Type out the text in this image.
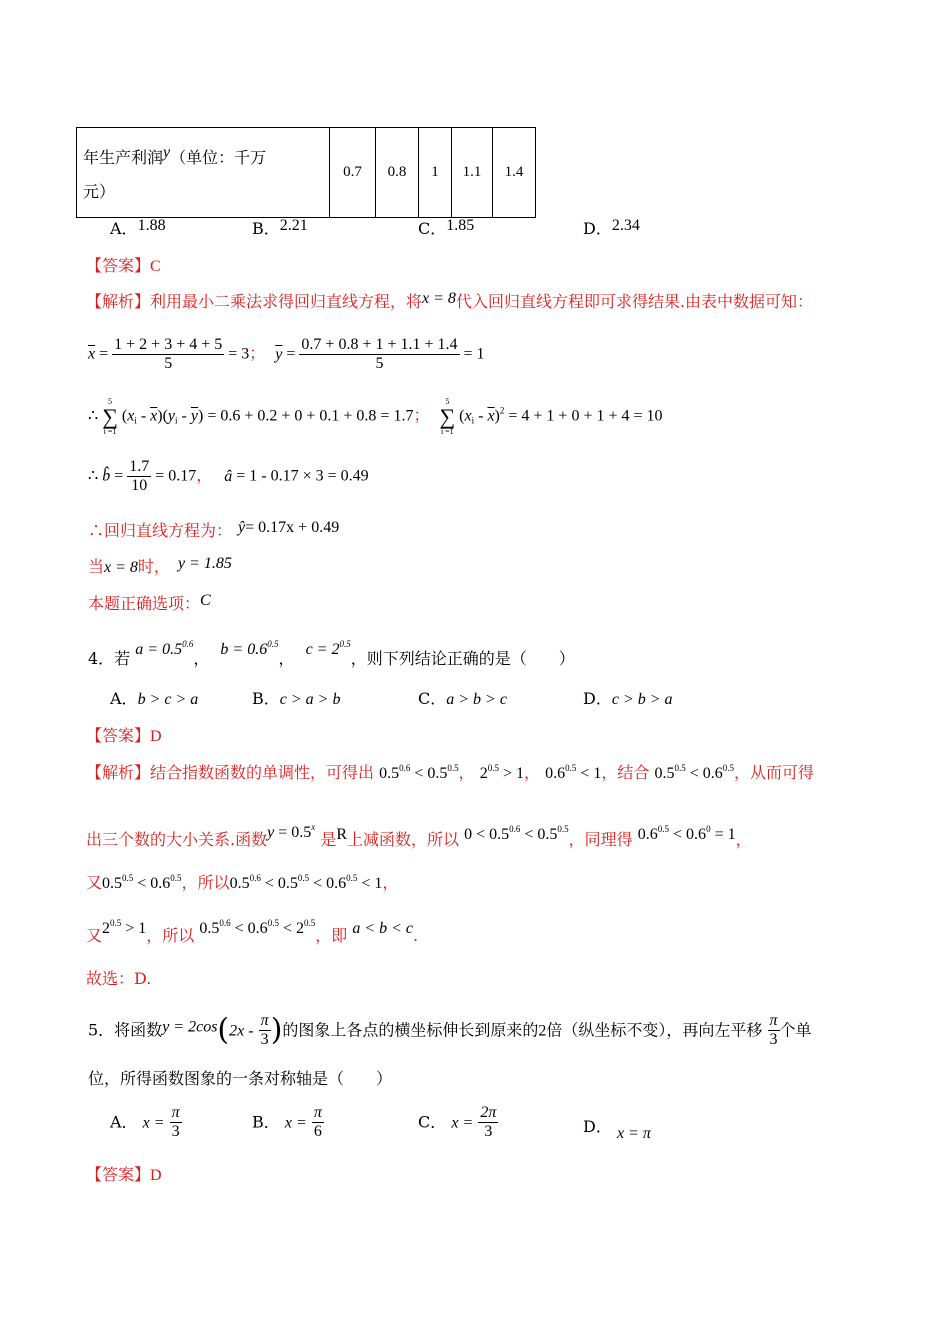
年生产利润y（单位：千万
元）	0.7	0.8	1	1.1	1.4
A．1.88	B．2.21	C．1.85	D．2.34
【答案】C
【解析】利用最小二乘法求得回归直线方程，将x = 8代入回归直线方程即可求得结果.由表中数据可知：
$\overline{x} = \frac{1 + 2 + 3 + 4 + 5}{5} = 3$； $\overline{y} = \frac{0.7 + 0.8 + 1 + 1.1 + 1.4}{5} = 1$
∴
5
∑
i =1
$(x_i - \overline{x})(y_i - \overline{y}) = 0.6 + 0.2 + 0 + 0.1 + 0.8 = 1.7$；
5
∑
i =1
$(x_i - \overline{x})^2 = 4 + 1 + 0 + 1 + 4 = 10$
∴ b̂ = $\frac{1.7}{10} = 0.17$， â = 1 - 0.17 × 3 = 0.49
∴回归直线方程为： ŷ= 0.17x + 0.49
当x = 8时， y = 1.85
本题正确选项：C
4．若 $a = 0.5^{0.6}$， $b = 0.6^{0.5}$， $c = 2^{0.5}$，则下列结论正确的是（　　）
A．b > c > a	B．c > a > b	C．a > b > c	D．c > b > a
【答案】D
【解析】结合指数函数的单调性，可得出 $0.5^{0.6} < 0.5^{0.5}$， $2^{0.5} > 1$， $0.6^{0.5} < 1$，结合 $0.5^{0.5} < 0.6^{0.5}$，从而可得
出三个数的大小关系.函数$y = 0.5^x$ 是R上减函数，所以 $0 < 0.5^{0.6} < 0.5^{0.5}$，同理得 $0.6^{0.5} < 0.6^0 = 1$，
又$0.5^{0.5} < 0.6^{0.5}$，所以$0.5^{0.6} < 0.5^{0.5} < 0.6^{0.5} < 1$，
又$2^{0.5} > 1$，所以 $0.5^{0.6} < 0.6^{0.5} < 2^{0.5}$，即 a < b < c.
故选：D.
5．将函数$y = 2\cos(2x - \frac{\pi}{3}$ )的图象上各点的横坐标伸长到原来的2倍（纵坐标不变），再向左平移 $\frac{\pi}{3}$ 个单
位，所得函数图象的一条对称轴是（　　）
A． $x = \frac{\pi}{3}$	B． $x = \frac{\pi}{6}$	C． $x = \frac{2\pi}{3}$	D． x = π
【答案】D
